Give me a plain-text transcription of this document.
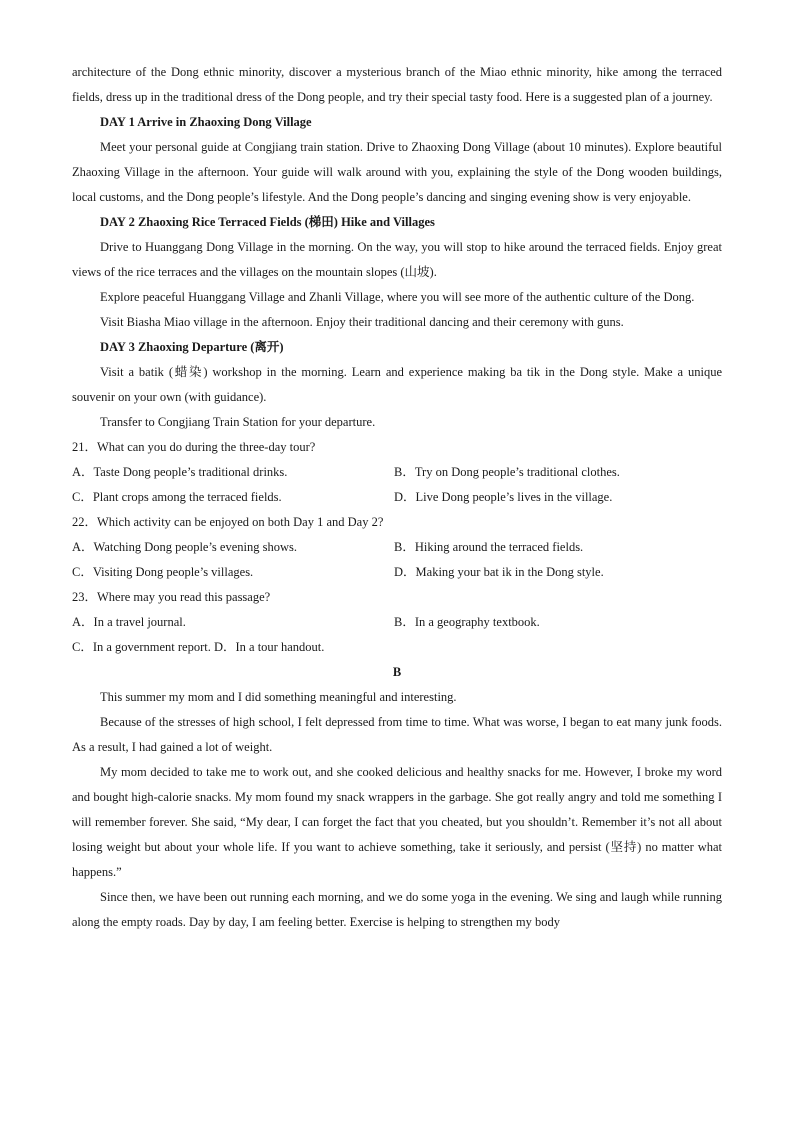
architecture of the Dong ethnic minority, discover a mysterious branch of the Miao ethnic minority, hike among the terraced fields, dress up in the traditional dress of the Dong people, and try their special tasty food. Here is a suggested plan of a journey.

DAY 1 Arrive in Zhaoxing Dong Village

Meet your personal guide at Congjiang train station. Drive to Zhaoxing Dong Village (about 10 minutes). Explore beautiful Zhaoxing Village in the afternoon. Your guide will walk around with you, explaining the style of the Dong wooden buildings, local customs, and the Dong people’s lifestyle. And the Dong people’s dancing and singing evening show is very enjoyable.

DAY 2 Zhaoxing Rice Terraced Fields (梯田) Hike and Villages

Drive to Huanggang Dong Village in the morning. On the way, you will stop to hike around the terraced fields. Enjoy great views of the rice terraces and the villages on the mountain slopes (山坡).

Explore peaceful Huanggang Village and Zhanli Village, where you will see more of the authentic culture of the Dong.

Visit Biasha Miao village in the afternoon. Enjoy their traditional dancing and their ceremony with guns.

DAY 3 Zhaoxing Departure (离开)

Visit a batik (蜡染) workshop in the morning. Learn and experience making ba tik in the Dong style. Make a unique souvenir on your own (with guidance).

Transfer to Congjiang Train Station for your departure.

21．What can you do during the three-day tour?

A．Taste Dong people’s traditional drinks.	B．Try on Dong people’s traditional clothes.
C．Plant crops among the terraced fields.	D．Live Dong people’s lives in the village.

22．Which activity can be enjoyed on both Day 1 and Day 2?

A．Watching Dong people’s evening shows.	B．Hiking around the terraced fields.
C．Visiting Dong people’s villages.	D．Making your bat ik in the Dong style.

23．Where may you read this passage?

A．In a travel journal.	B．In a geography textbook.

C．In a government report. D．In a tour handout.

B

This summer my mom and I did something meaningful and interesting.

Because of the stresses of high school, I felt depressed from time to time. What was worse, I began to eat many junk foods. As a result, I had gained a lot of weight.

My mom decided to take me to work out, and she cooked delicious and healthy snacks for me. However, I broke my word and bought high-calorie snacks. My mom found my snack wrappers in the garbage. She got really angry and told me something I will remember forever. She said, “My dear, I can forget the fact that you cheated, but you shouldn’t. Remember it’s not all about losing weight but about your whole life. If you want to achieve something, take it seriously, and persist (坚持) no matter what happens.”

Since then, we have been out running each morning, and we do some yoga in the evening. We sing and laugh while running along the empty roads. Day by day, I am feeling better. Exercise is helping to strengthen my body
